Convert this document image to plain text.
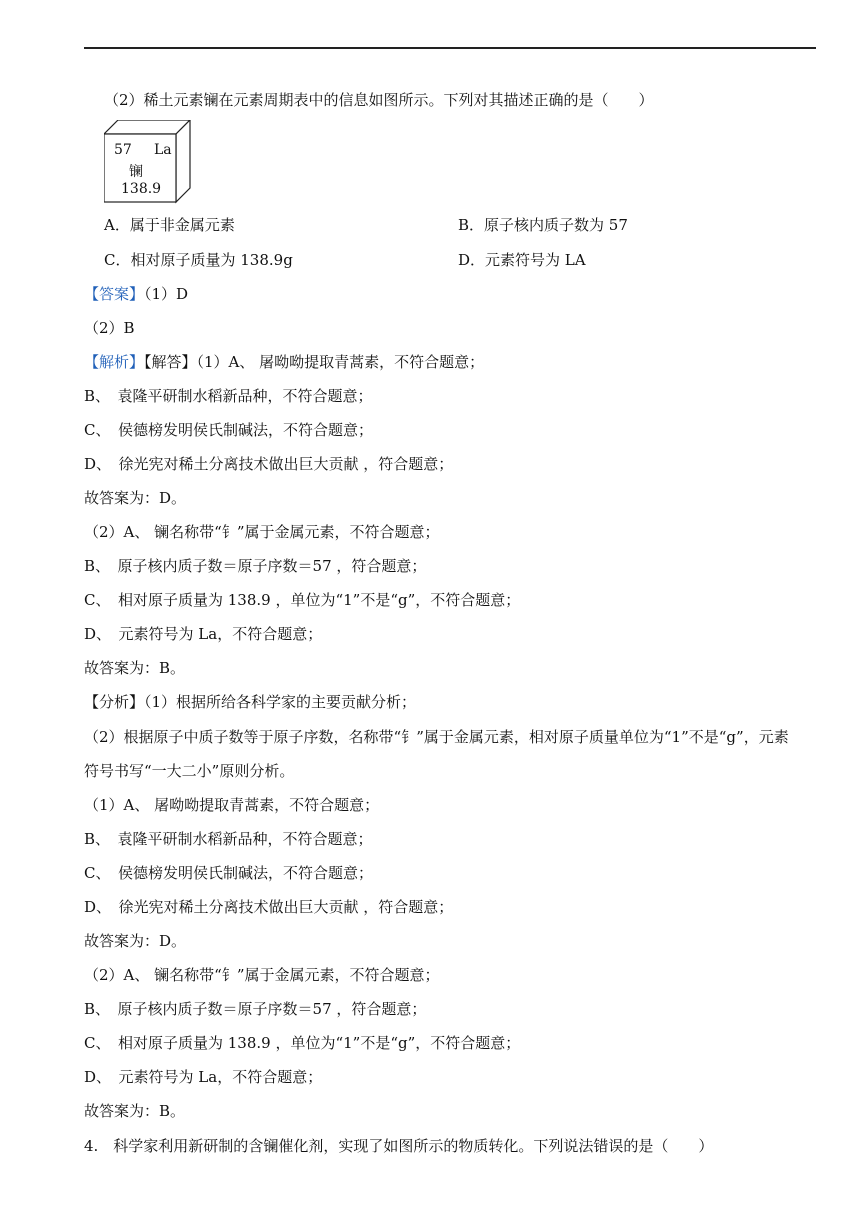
（2）稀土元素镧在元素周期表中的信息如图所示。下列对其描述正确的是（　　）
57 La
镧
138.9
A．属于非金属元素	B．原子核内质子数为 57
C．相对原子质量为 138.9g	D．元素符号为 LA
【答案】（1）D
（2）B
【解析】【解答】（1）A、 屠呦呦提取青蒿素，不符合题意；
B、　袁隆平研制水稻新品种，不符合题意；
C、　侯德榜发明侯氏制碱法，不符合题意；
D、　徐光宪对稀土分离技术做出巨大贡献 ，符合题意；
故答案为：D。
（2）A、 镧名称带“钅”属于金属元素，不符合题意；
B、　原子核内质子数＝原子序数＝57 ，符合题意；
C、　相对原子质量为 138.9 ，单位为“1”不是“g”，不符合题意；
D、　元素符号为 La，不符合题意；
故答案为：B。
【分析】（1）根据所给各科学家的主要贡献分析；
（2）根据原子中质子数等于原子序数，名称带“钅”属于金属元素，相对原子质量单位为“1”不是“g”，元素
符号书写“一大二小”原则分析。
（1）A、 屠呦呦提取青蒿素，不符合题意；
B、　袁隆平研制水稻新品种，不符合题意；
C、　侯德榜发明侯氏制碱法，不符合题意；
D、　徐光宪对稀土分离技术做出巨大贡献 ，符合题意；
故答案为：D。
（2）A、 镧名称带“钅”属于金属元素，不符合题意；
B、　原子核内质子数＝原子序数＝57 ，符合题意；
C、　相对原子质量为 138.9 ，单位为“1”不是“g”，不符合题意；
D、　元素符号为 La，不符合题意；
故答案为：B。
4.　科学家利用新研制的含镧催化剂，实现了如图所示的物质转化。下列说法错误的是（　　）
